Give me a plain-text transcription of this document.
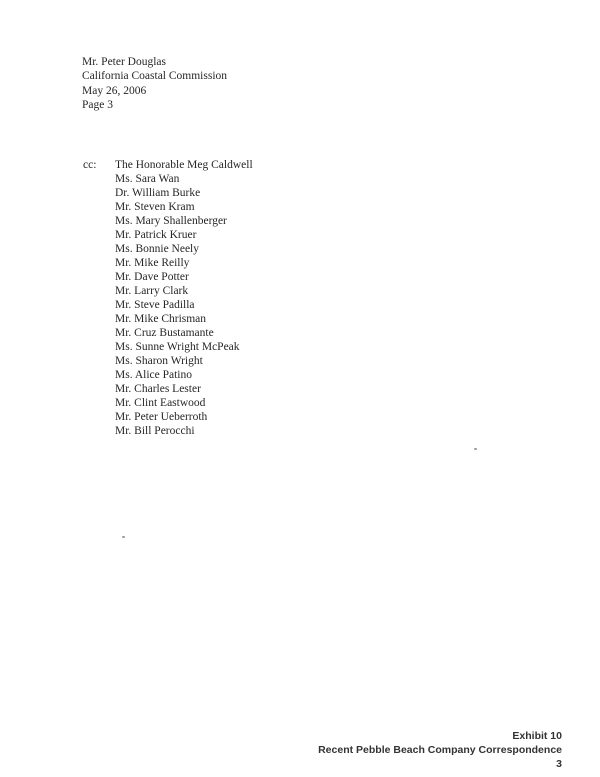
Mr. Peter Douglas
California Coastal Commission
May 26, 2006
Page 3
cc:	The Honorable Meg Caldwell
Ms. Sara Wan
Dr. William Burke
Mr. Steven Kram
Ms. Mary Shallenberger
Mr. Patrick Kruer
Ms. Bonnie Neely
Mr. Mike Reilly
Mr. Dave Potter
Mr. Larry Clark
Mr. Steve Padilla
Mr. Mike Chrisman
Mr. Cruz Bustamante
Ms. Sunne Wright McPeak
Ms. Sharon Wright
Ms. Alice Patino
Mr. Charles Lester
Mr. Clint Eastwood
Mr. Peter Ueberroth
Mr. Bill Perocchi
Exhibit 10
Recent Pebble Beach Company Correspondence
3
